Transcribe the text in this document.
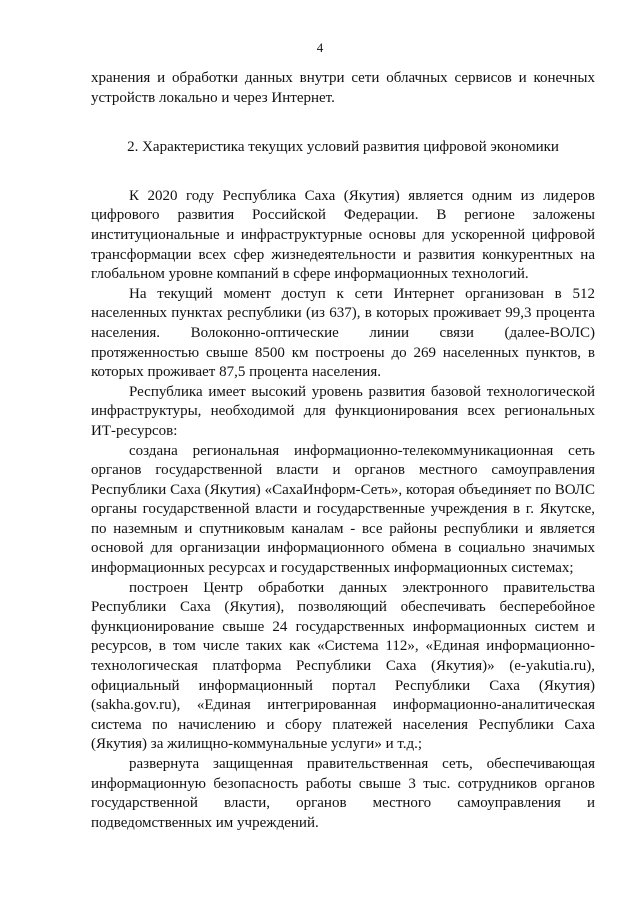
4

хранения и обработки данных внутри сети облачных сервисов и конечных устройств локально и через Интернет.

2. Характеристика текущих условий развития цифровой экономики

К 2020 году Республика Саха (Якутия) является одним из лидеров цифрового развития Российской Федерации. В регионе заложены институциональные и инфраструктурные основы для ускоренной цифровой трансформации всех сфер жизнедеятельности и развития конкурентных на глобальном уровне компаний в сфере информационных технологий.

На текущий момент доступ к сети Интернет организован в 512 населенных пунктах республики (из 637), в которых проживает 99,3 процента населения. Волоконно-оптические линии связи (далее-ВОЛС) протяженностью свыше 8500 км построены до 269 населенных пунктов, в которых проживает 87,5 процента населения.

Республика имеет высокий уровень развития базовой технологической инфраструктуры, необходимой для функционирования всех региональных ИТ-ресурсов:

создана региональная информационно-телекоммуникационная сеть органов государственной власти и органов местного самоуправления Республики Саха (Якутия) «СахаИнформ-Сеть», которая объединяет по ВОЛС органы государственной власти и государственные учреждения в г. Якутске, по наземным и спутниковым каналам - все районы республики и является основой для организации информационного обмена в социально значимых информационных ресурсах и государственных информационных системах;

построен Центр обработки данных электронного правительства Республики Саха (Якутия), позволяющий обеспечивать бесперебойное функционирование свыше 24 государственных информационных систем и ресурсов, в том числе таких как «Система 112», «Единая информационно-технологическая платформа Республики Саха (Якутия)» (e-yakutia.ru), официальный информационный портал Республики Саха (Якутия) (sakha.gov.ru), «Единая интегрированная информационно-аналитическая система по начислению и сбору платежей населения Республики Саха (Якутия) за жилищно-коммунальные услуги» и т.д.;

развернута защищенная правительственная сеть, обеспечивающая информационную безопасность работы свыше 3 тыс. сотрудников органов государственной власти, органов местного самоуправления и подведомственных им учреждений.
